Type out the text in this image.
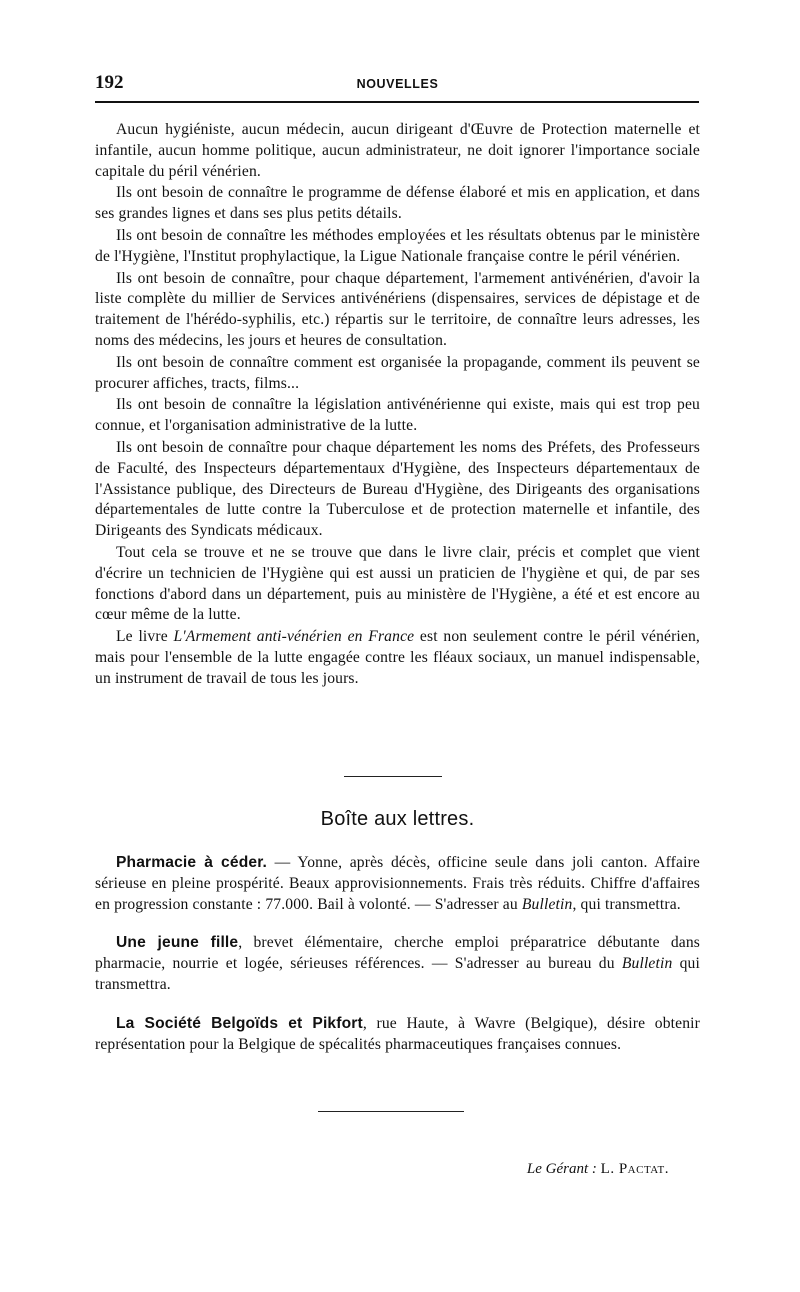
192	NOUVELLES

Aucun hygiéniste, aucun médecin, aucun dirigeant d'Œuvre de Protection maternelle et infantile, aucun homme politique, aucun administrateur, ne doit ignorer l'importance sociale capitale du péril vénérien.

Ils ont besoin de connaître le programme de défense élaboré et mis en application, et dans ses grandes lignes et dans ses plus petits détails.

Ils ont besoin de connaître les méthodes employées et les résultats obtenus par le ministère de l'Hygiène, l'Institut prophylactique, la Ligue Nationale française contre le péril vénérien.

Ils ont besoin de connaître, pour chaque département, l'armement antivénérien, d'avoir la liste complète du millier de Services antivénériens (dispensaires, services de dépistage et de traitement de l'hérédo-syphilis, etc.) répartis sur le territoire, de connaître leurs adresses, les noms des médecins, les jours et heures de consultation.

Ils ont besoin de connaître comment est organisée la propagande, comment ils peuvent se procurer affiches, tracts, films...

Ils ont besoin de connaître la législation antivénérienne qui existe, mais qui est trop peu connue, et l'organisation administrative de la lutte.

Ils ont besoin de connaître pour chaque département les noms des Préfets, des Professeurs de Faculté, des Inspecteurs départementaux d'Hygiène, des Inspecteurs départementaux de l'Assistance publique, des Directeurs de Bureau d'Hygiène, des Dirigeants des organisations départementales de lutte contre la Tuberculose et de protection maternelle et infantile, des Dirigeants des Syndicats médicaux.

Tout cela se trouve et ne se trouve que dans le livre clair, précis et complet que vient d'écrire un technicien de l'Hygiène qui est aussi un praticien de l'hygiène et qui, de par ses fonctions d'abord dans un département, puis au ministère de l'Hygiène, a été et est encore au cœur même de la lutte.

Le livre L'Armement anti-vénérien en France est non seulement contre le péril vénérien, mais pour l'ensemble de la lutte engagée contre les fléaux sociaux, un manuel indispensable, un instrument de travail de tous les jours.

Boîte aux lettres.

Pharmacie à céder. — Yonne, après décès, officine seule dans joli canton. Affaire sérieuse en pleine prospérité. Beaux approvisionnements. Frais très réduits. Chiffre d'affaires en progression constante : 77.000. Bail à volonté. — S'adresser au Bulletin, qui transmettra.

Une jeune fille, brevet élémentaire, cherche emploi préparatrice débutante dans pharmacie, nourrie et logée, sérieuses références. — S'adresser au bureau du Bulletin qui transmettra.

La Société Belgoïds et Pikfort, rue Haute, à Wavre (Belgique), désire obtenir représentation pour la Belgique de spécalités pharmaceutiques françaises connues.

Le Gérant : L. Pactat.
